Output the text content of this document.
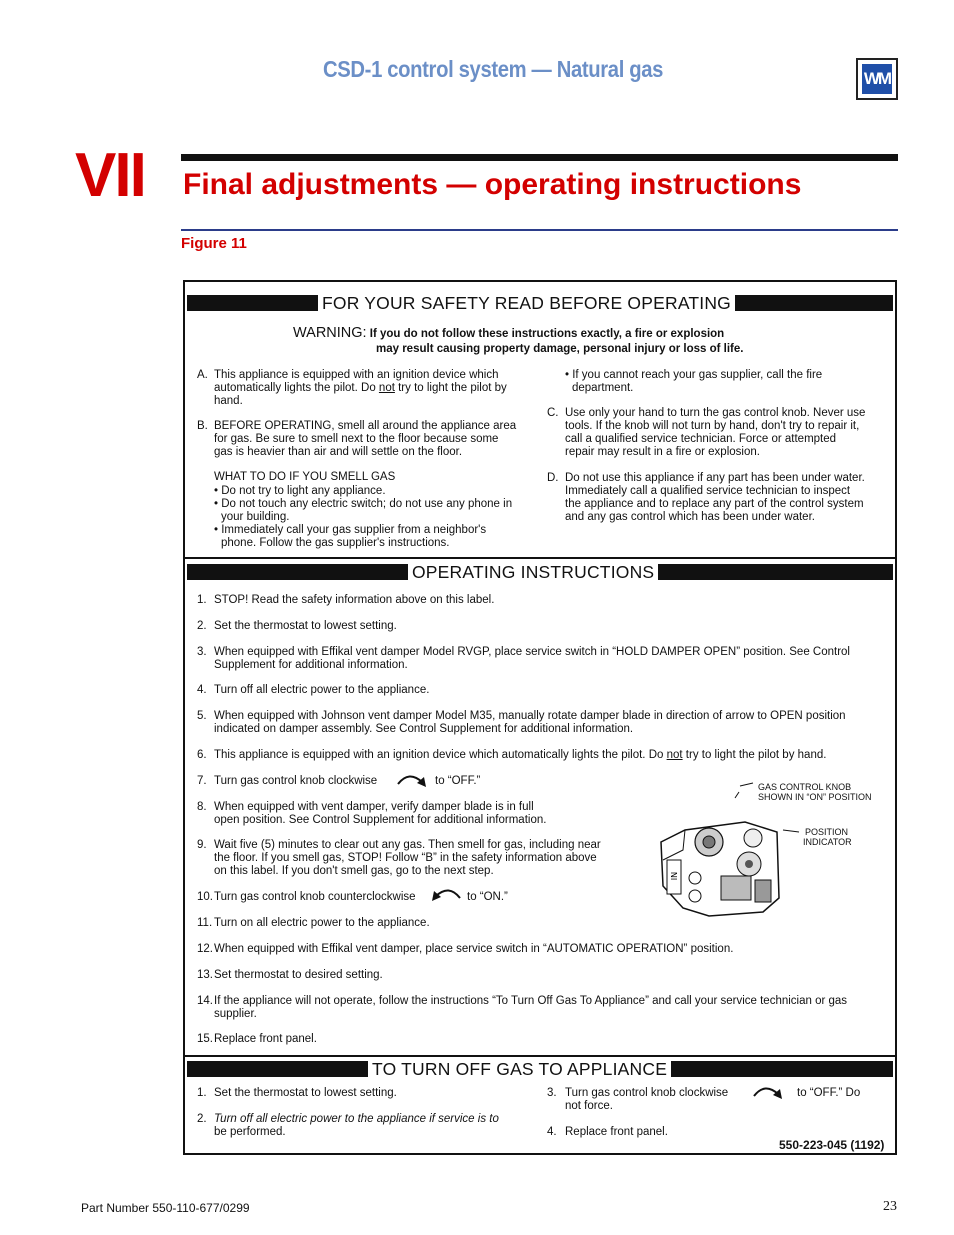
CSD-1 control system — Natural gas	WM
VII Final adjustments — operating instructions
Figure 11
FOR YOUR SAFETY READ BEFORE OPERATING
WARNING: If you do not follow these instructions exactly, a fire or explosion
may result causing property damage, personal injury or loss of life.
A. This appliance is equipped with an ignition device which
automatically lights the pilot. Do not try to light the pilot by
hand.
B. BEFORE OPERATING, smell all around the appliance area
for gas. Be sure to smell next to the floor because some
gas is heavier than air and will settle on the floor.
WHAT TO DO IF YOU SMELL GAS
• Do not try to light any appliance.
• Do not touch any electric switch; do not use any phone in
your building.
• Immediately call your gas supplier from a neighbor's
phone. Follow the gas supplier's instructions.
• If you cannot reach your gas supplier, call the fire
department.
C. Use only your hand to turn the gas control knob. Never use
tools. If the knob will not turn by hand, don't try to repair it,
call a qualified service technician. Force or attempted
repair may result in a fire or explosion.
D. Do not use this appliance if any part has been under water.
Immediately call a qualified service technician to inspect
the appliance and to replace any part of the control system
and any gas control which has been under water.
OPERATING INSTRUCTIONS
1. STOP! Read the safety information above on this label.
2. Set the thermostat to lowest setting.
3. When equipped with Effikal vent damper Model RVGP, place service switch in “HOLD DAMPER OPEN” position. See Control
Supplement for additional information.
4. Turn off all electric power to the appliance.
5. When equipped with Johnson vent damper Model M35, manually rotate damper blade in direction of arrow to OPEN position
indicated on damper assembly. See Control Supplement for additional information.
6. This appliance is equipped with an ignition device which automatically lights the pilot. Do not try to light the pilot by hand.
7. Turn gas control knob clockwise	to “OFF.”
8. When equipped with vent damper, verify damper blade is in full
open position. See Control Supplement for additional information.
9. Wait five (5) minutes to clear out any gas. Then smell for gas, including near
the floor. If you smell gas, STOP! Follow “B” in the safety information above
on this label. If you don't smell gas, go to the next step.
10. Turn gas control knob counterclockwise	to “ON.”
11. Turn on all electric power to the appliance.
12. When equipped with Effikal vent damper, place service switch in “AUTOMATIC OPERATION” position.
13. Set thermostat to desired setting.
14. If the appliance will not operate, follow the instructions “To Turn Off Gas To Appliance” and call your service technician or gas
supplier.
15. Replace front panel.
GAS CONTROL KNOB
SHOWN IN “ON” POSITION
POSITION
INDICATOR
NI
TO TURN OFF GAS TO APPLIANCE
1. Set the thermostat to lowest setting.
2. Turn off all electric power to the appliance if service is to
be performed.
3. Turn gas control knob clockwise	to “OFF.” Do
not force.
4. Replace front panel.
550-223-045 (1192)
Part Number 550-110-677/0299	23
